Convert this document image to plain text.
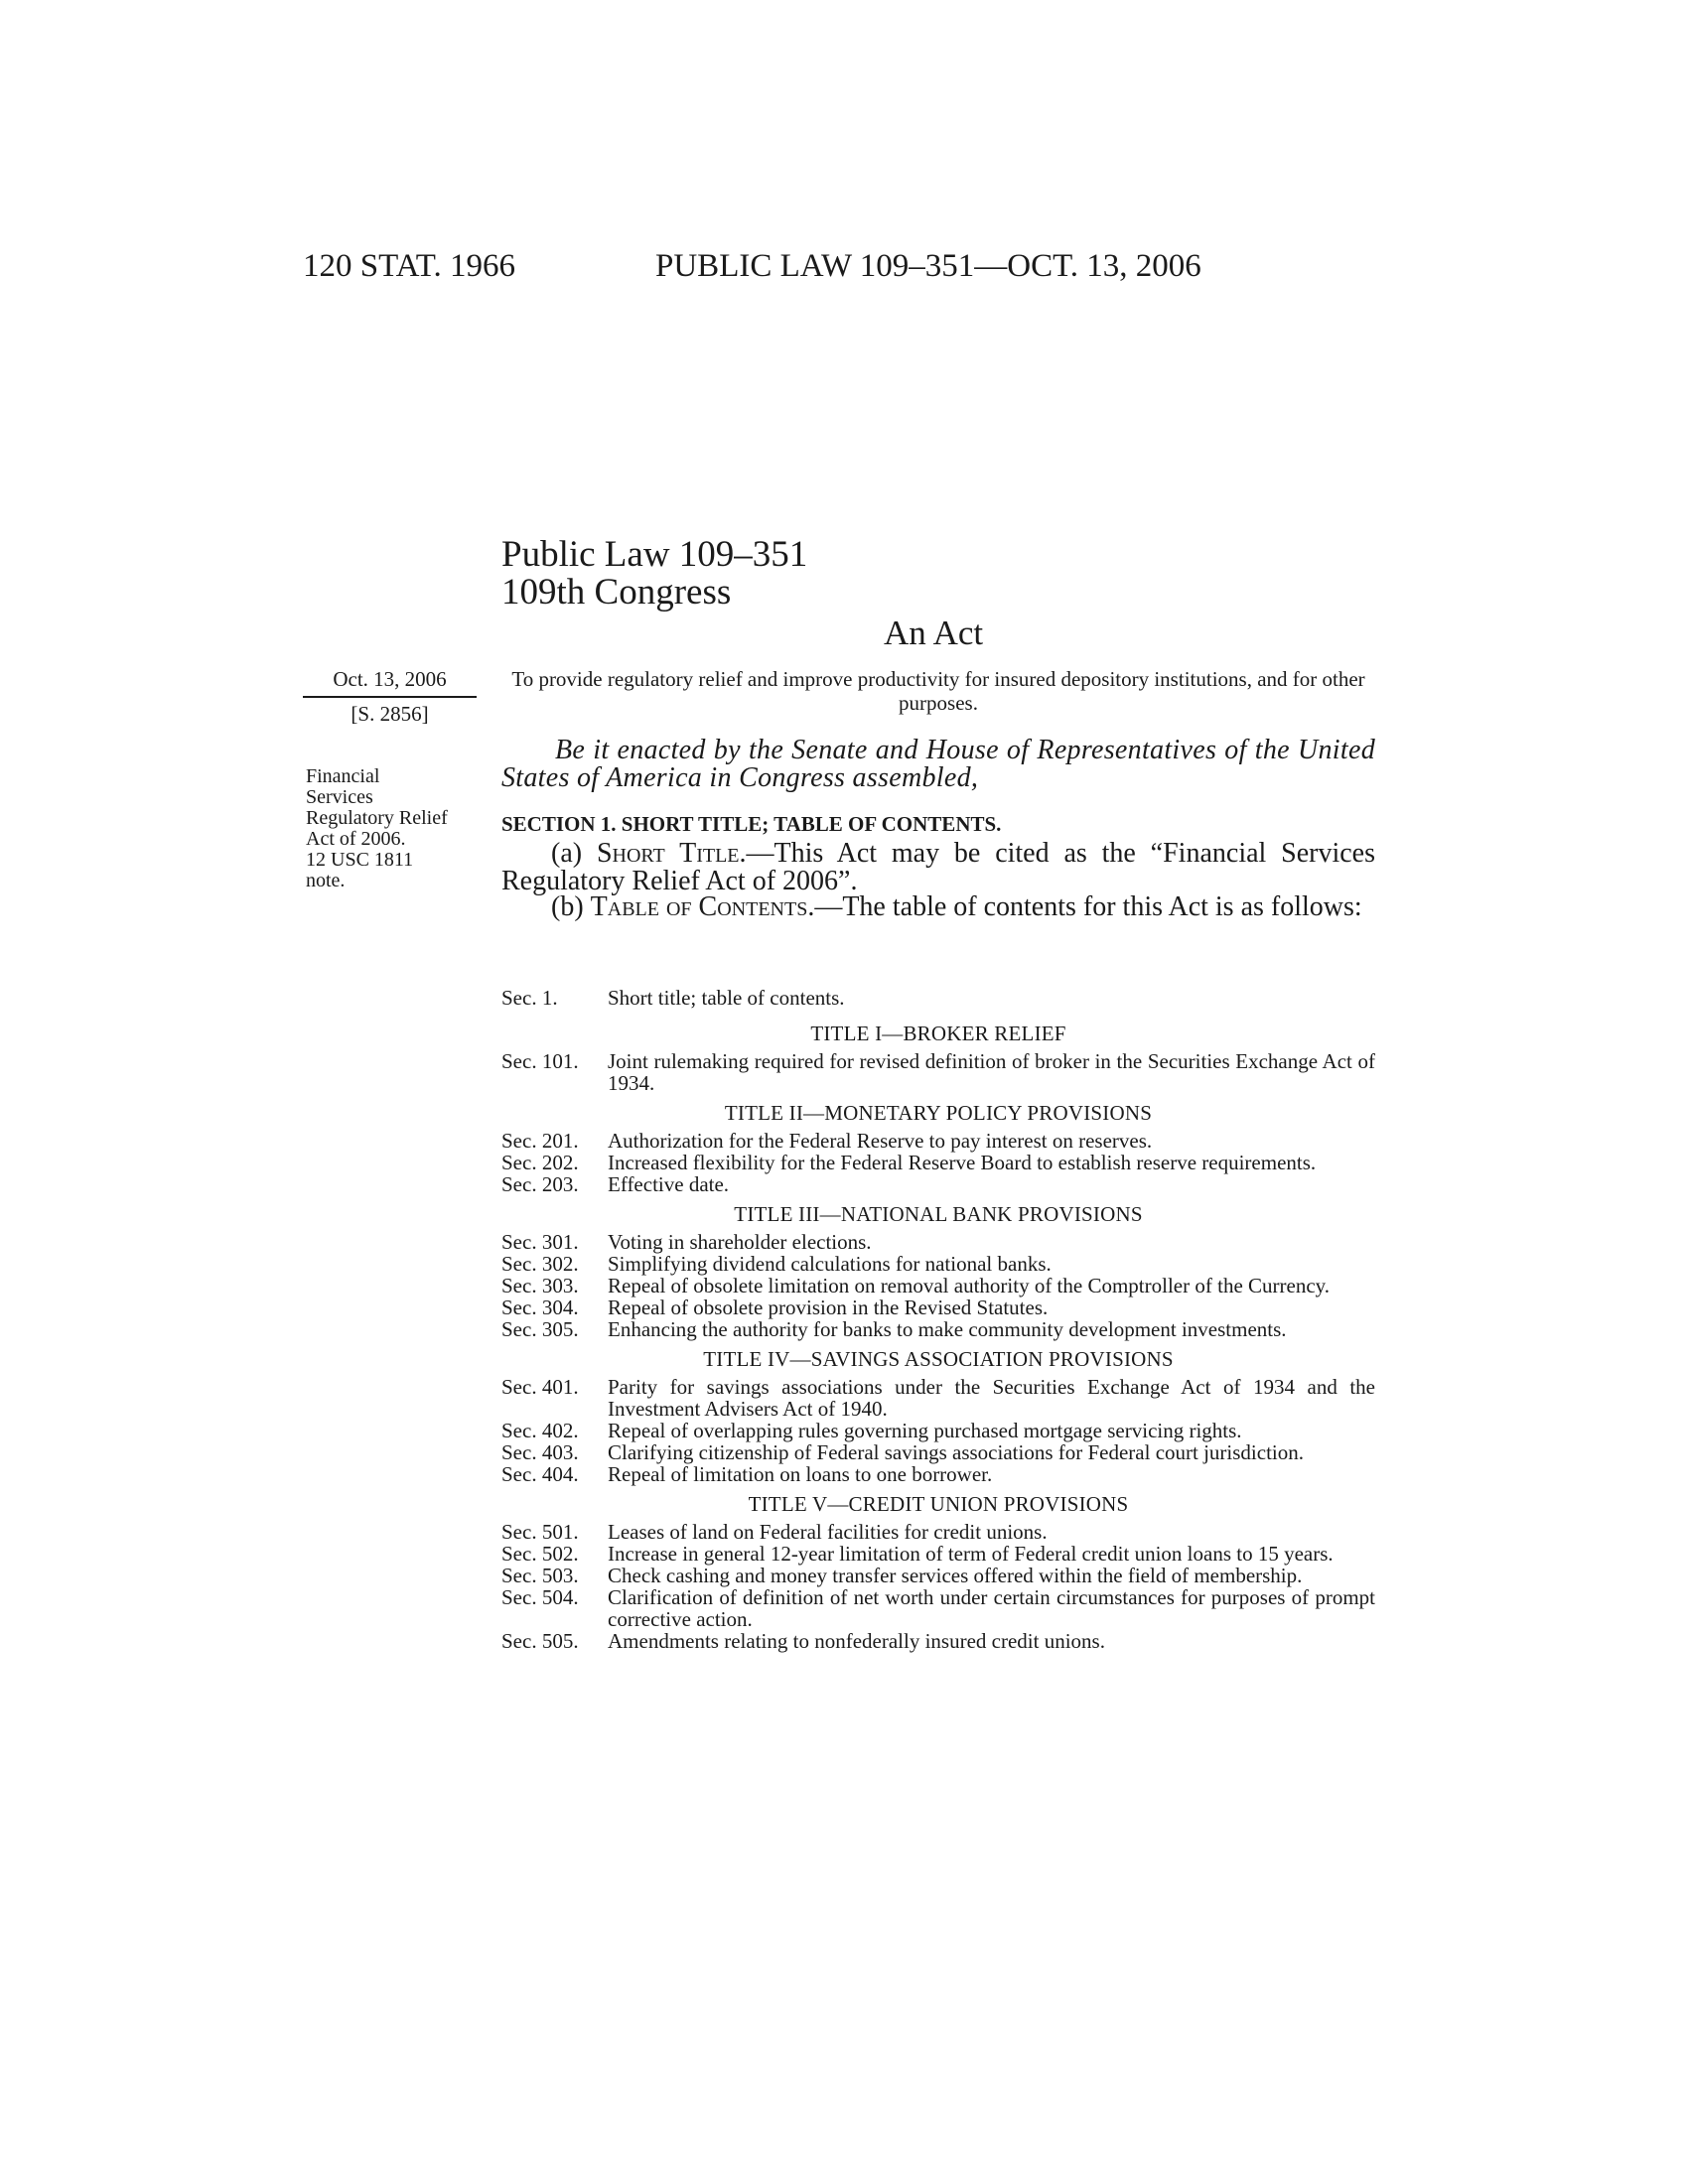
120 STAT. 1966	PUBLIC LAW 109–351—OCT. 13, 2006
Public Law 109–351
109th Congress
An Act
Oct. 13, 2006
[S. 2856]
Financial
Services
Regulatory Relief
Act of 2006.
12 USC 1811
note.
To provide regulatory relief and improve productivity for insured depository institutions, and for other purposes.
Be it enacted by the Senate and House of Representatives of the United States of America in Congress assembled,
SECTION 1. SHORT TITLE; TABLE OF CONTENTS.
(a) Short Title.—This Act may be cited as the “Financial Services Regulatory Relief Act of 2006”.
(b) Table of Contents.—The table of contents for this Act is as follows:
Sec. 1. Short title; table of contents.
TITLE I—BROKER RELIEF
Sec. 101. Joint rulemaking required for revised definition of broker in the Securities Exchange Act of 1934.
TITLE II—MONETARY POLICY PROVISIONS
Sec. 201. Authorization for the Federal Reserve to pay interest on reserves.
Sec. 202. Increased flexibility for the Federal Reserve Board to establish reserve requirements.
Sec. 203. Effective date.
TITLE III—NATIONAL BANK PROVISIONS
Sec. 301. Voting in shareholder elections.
Sec. 302. Simplifying dividend calculations for national banks.
Sec. 303. Repeal of obsolete limitation on removal authority of the Comptroller of the Currency.
Sec. 304. Repeal of obsolete provision in the Revised Statutes.
Sec. 305. Enhancing the authority for banks to make community development investments.
TITLE IV—SAVINGS ASSOCIATION PROVISIONS
Sec. 401. Parity for savings associations under the Securities Exchange Act of 1934 and the Investment Advisers Act of 1940.
Sec. 402. Repeal of overlapping rules governing purchased mortgage servicing rights.
Sec. 403. Clarifying citizenship of Federal savings associations for Federal court jurisdiction.
Sec. 404. Repeal of limitation on loans to one borrower.
TITLE V—CREDIT UNION PROVISIONS
Sec. 501. Leases of land on Federal facilities for credit unions.
Sec. 502. Increase in general 12-year limitation of term of Federal credit union loans to 15 years.
Sec. 503. Check cashing and money transfer services offered within the field of membership.
Sec. 504. Clarification of definition of net worth under certain circumstances for purposes of prompt corrective action.
Sec. 505. Amendments relating to nonfederally insured credit unions.
